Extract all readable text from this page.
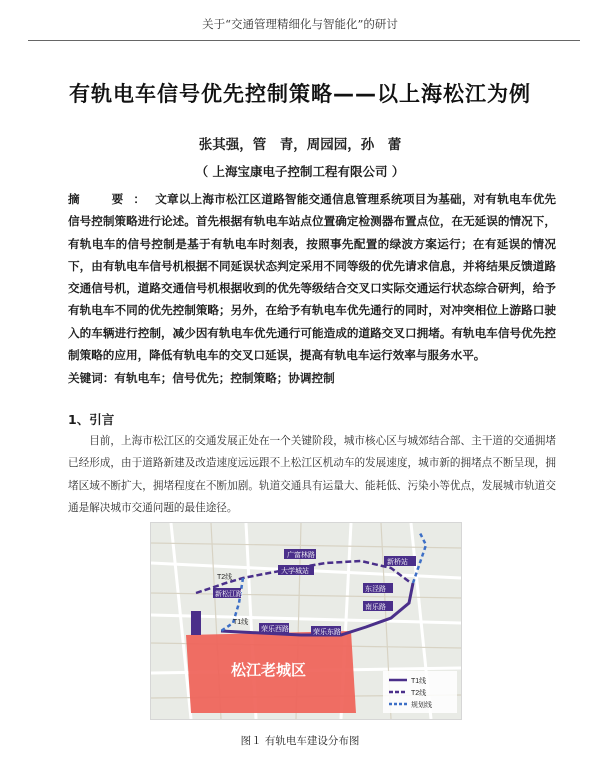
关于“交通管理精细化与智能化”的研讨
有轨电车信号优先控制策略——以上海松江为例
张其强，管　青，周园园，孙　蕾
（ 上海宝康电子控制工程有限公司 ）
摘　要：文章以上海市松江区道路智能交通信息管理系统项目为基础，对有轨电车优先信号控制策略进行论述。首先根据有轨电车站点位置确定检测器布置点位，在无延误的情况下，有轨电车的信号控制是基于有轨电车时刻表，按照事先配置的绿波方案运行；在有延误的情况下，由有轨电车信号机根据不同延误状态判定采用不同等级的优先请求信息，并将结果反馈道路交通信号机，道路交通信号机根据收到的优先等级结合交叉口实际交通运行状态综合研判，给予有轨电车不同的优先控制策略；另外，在给予有轨电车优先通行的同时，对冲突相位上游路口驶入的车辆进行控制，减少因有轨电车优先通行可能造成的道路交叉口拥堵。有轨电车信号优先控制策略的应用，降低有轨电车的交叉口延误，提高有轨电车运行效率与服务水平。
关键词：有轨电车；信号优先；控制策略；协调控制
1、引言
目前，上海市松江区的交通发展正处在一个关键阶段，城市核心区与城郊结合部、主干道的交通拥堵已经形成，由于道路新建及改造速度远远跟不上松江区机动车的发展速度，城市新的拥堵点不断呈现，拥堵区域不断扩大，拥堵程度在不断加剧。轨道交通具有运量大、能耗低、污染小等优点，发展城市轨道交通是解决城市交通问题的最佳途径。
广富林路
大学城站
新桥站
荣乐西路	荣乐东路
东泾路
南乐路
新松江路
T2线
T1线
松江老城区
T1线
T2线
规划线
图１ 有轨电车建设分布图
